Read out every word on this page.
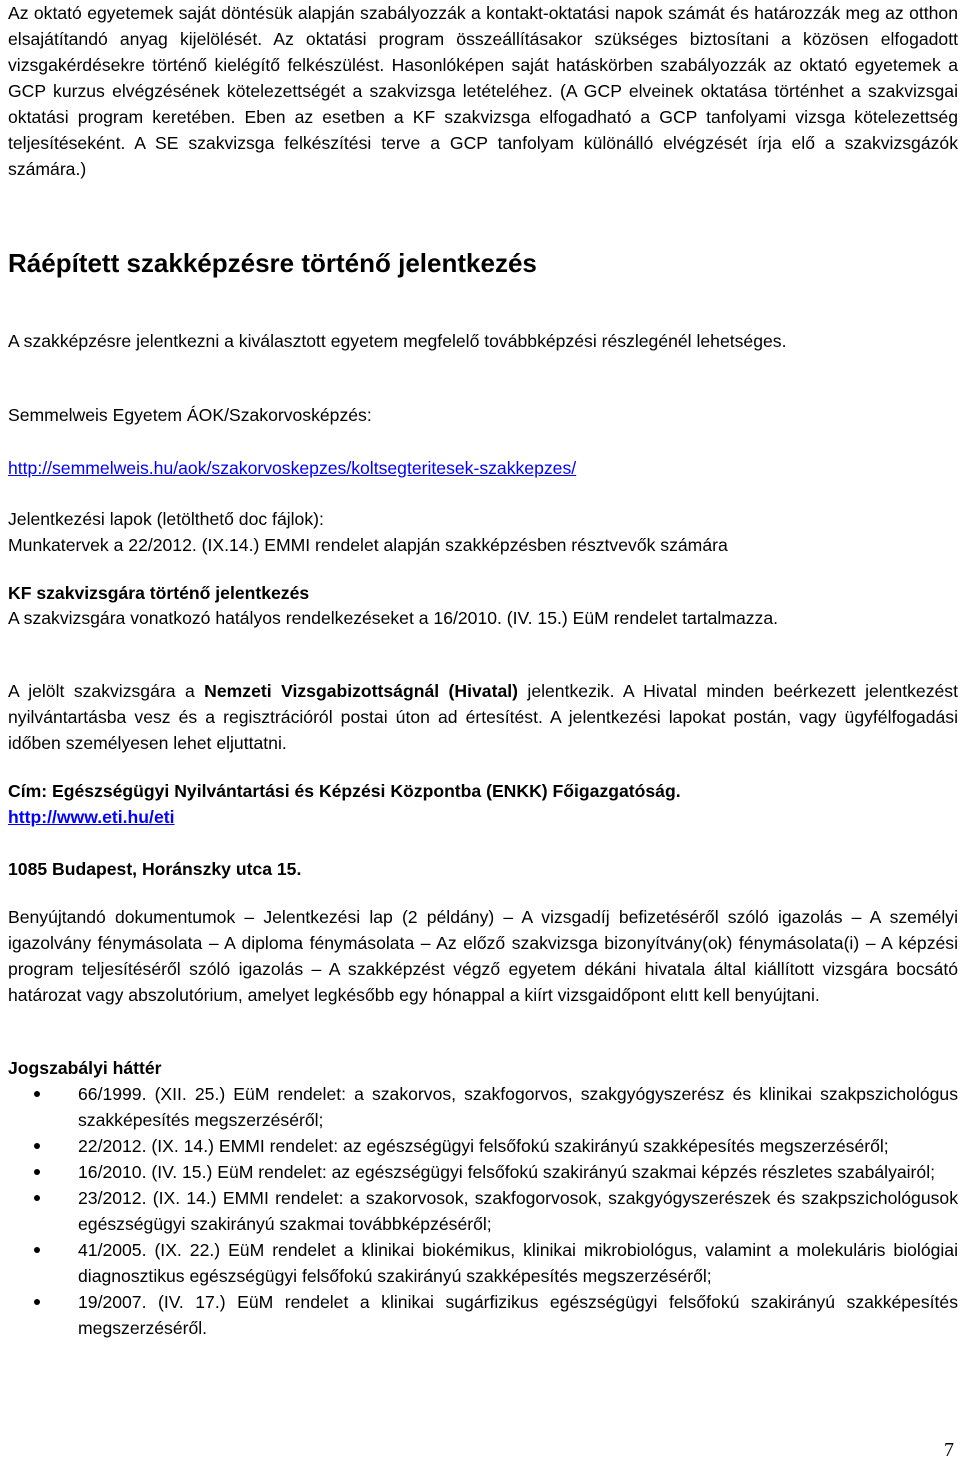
Az oktató egyetemek saját döntésük alapján szabályozzák a kontakt-oktatási napok számát és határozzák meg az otthon elsajátítandó anyag kijelölését. Az oktatási program összeállításakor szükséges biztosítani a közösen elfogadott vizsgakérdésekre történő kielégítő felkészülést. Hasonlóképen saját hatáskörben szabályozzák az oktató egyetemek a GCP kurzus elvégzésének kötelezettségét a szakvizsga letételéhez. (A GCP elveinek oktatása történhet a szakvizsgai oktatási program keretében. Eben az esetben a KF szakvizsga elfogadható a GCP tanfolyami vizsga kötelezettség teljesítéseként. A SE szakvizsga felkészítési terve a GCP tanfolyam különálló elvégzését írja elő a szakvizsgázók számára.)

Ráépített szakképzésre történő jelentkezés

A szakképzésre jelentkezni a kiválasztott egyetem megfelelő továbbképzési részlegénél lehetséges.

Semmelweis Egyetem ÁOK/Szakorvosképzés:

http://semmelweis.hu/aok/szakorvoskepzes/koltsegteritesek-szakkepzes/

Jelentkezési lapok (letölthető doc fájlok):

Munkatervek a 22/2012. (IX.14.) EMMI rendelet alapján szakképzésben résztvevők számára

KF szakvizsgára történő jelentkezés

A szakvizsgára vonatkozó hatályos rendelkezéseket a 16/2010. (IV. 15.) EüM rendelet tartalmazza.

A jelölt szakvizsgára a Nemzeti Vizsgabizottságnál (Hivatal) jelentkezik. A Hivatal minden beérkezett jelentkezést nyilvántartásba vesz és a regisztrációról postai úton ad értesítést. A jelentkezési lapokat postán, vagy ügyfélfogadási időben személyesen lehet eljuttatni.

Cím: Egészségügyi Nyilvántartási és Képzési Központba (ENKK) Főigazgatóság.
http://www.eti.hu/eti

1085 Budapest, Horánszky utca 15.

Benyújtandó dokumentumok – Jelentkezési lap (2 példány) – A vizsgadíj befizetéséről szóló igazolás – A személyi igazolvány fénymásolata – A diploma fénymásolata – Az előző szakvizsga bizonyítvány(ok) fénymásolata(i) – A képzési program teljesítéséről szóló igazolás – A szakképzést végző egyetem dékáni hivatala által kiállított vizsgára bocsátó határozat vagy abszolutórium, amelyet legkésőbb egy hónappal a kiírt vizsgaidőpont elıtt kell benyújtani.

Jogszabályi háttér

66/1999. (XII. 25.) EüM rendelet: a szakorvos, szakfogorvos, szakgyógyszerész és klinikai szakpszichológus szakképesítés megszerzéséről;
22/2012. (IX. 14.) EMMI rendelet: az egészségügyi felsőfokú szakirányú szakképesítés megszerzéséről;
16/2010. (IV. 15.) EüM rendelet: az egészségügyi felsőfokú szakirányú szakmai képzés részletes szabályairól;
23/2012. (IX. 14.) EMMI rendelet: a szakorvosok, szakfogorvosok, szakgyógyszerészek és szakpszichológusok egészségügyi szakirányú szakmai továbbképzéséről;
41/2005. (IX. 22.) EüM rendelet a klinikai biokémikus, klinikai mikrobiológus, valamint a molekuláris biológiai diagnosztikus egészségügyi felsőfokú szakirányú szakképesítés megszerzéséről;
19/2007. (IV. 17.) EüM rendelet a klinikai sugárfizikus egészségügyi felsőfokú szakirányú szakképesítés megszerzéséről.
7
